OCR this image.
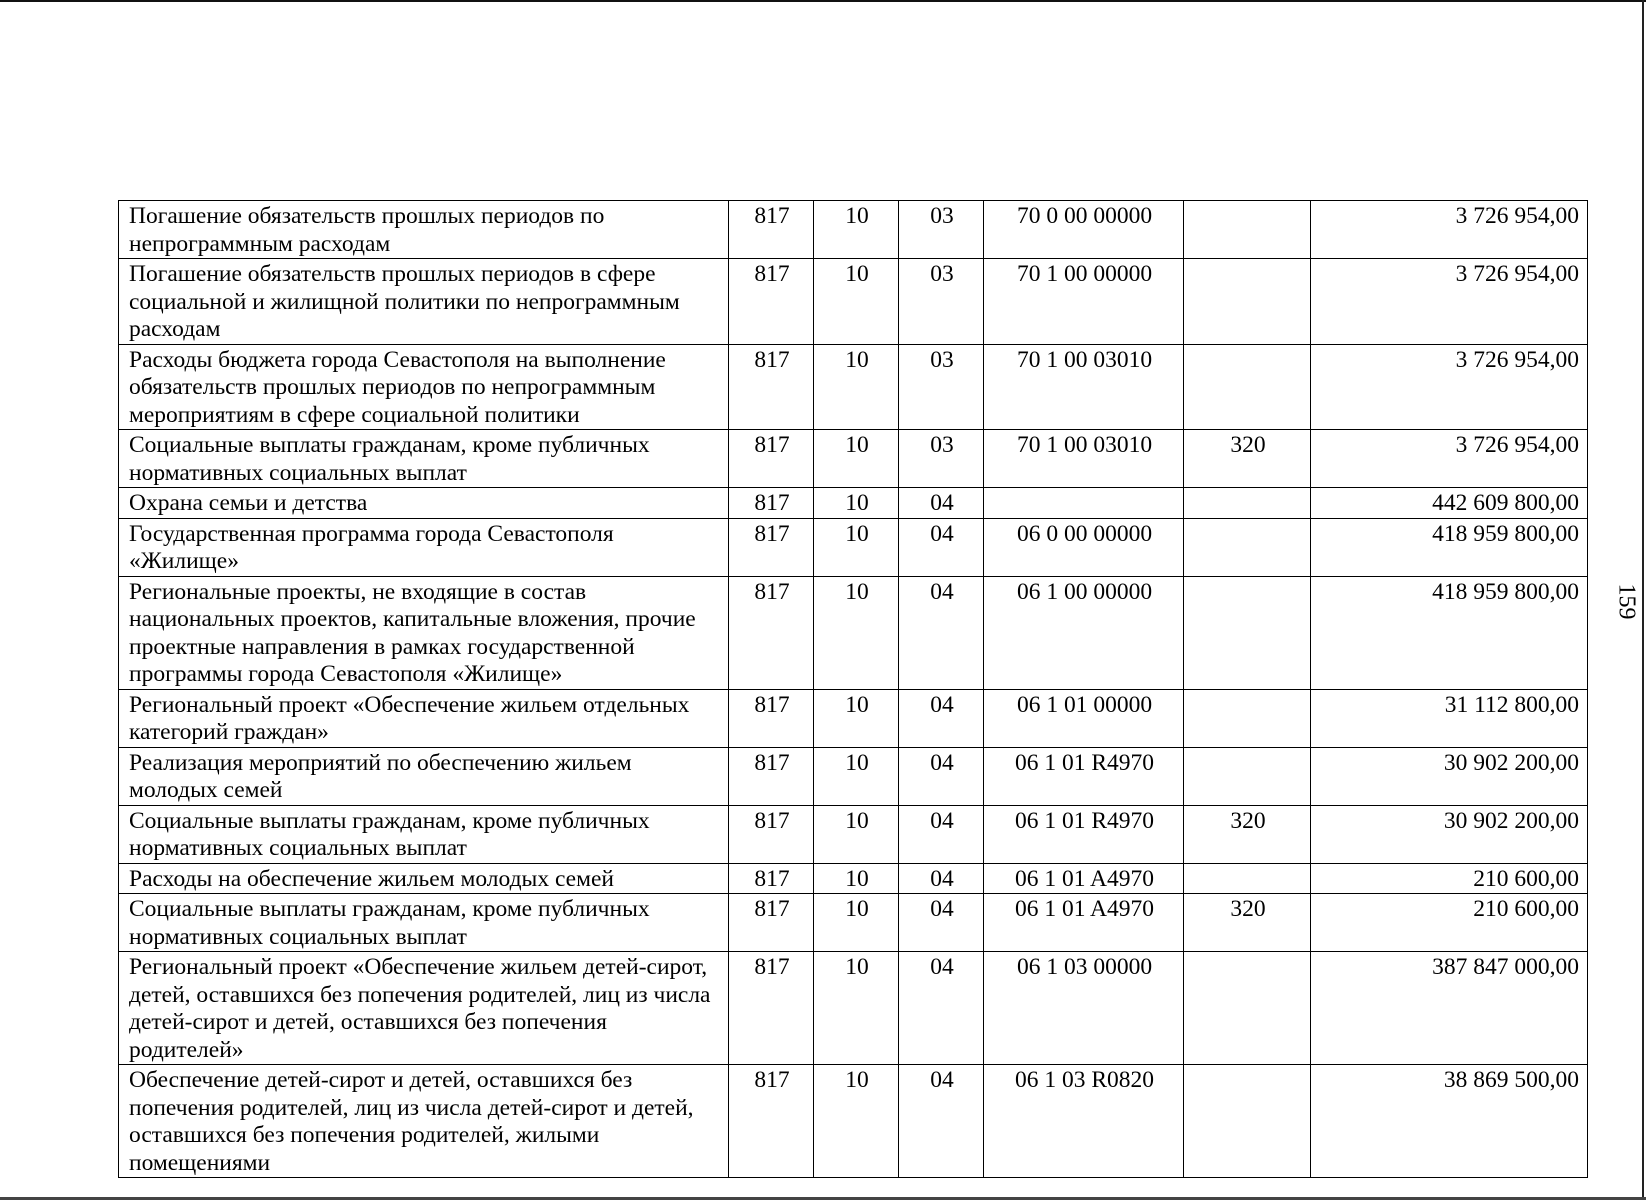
159
Погашение обязательств прошлых периодов по непрограммным расходам	817	10	03	70 0 00 00000		3 726 954,00
Погашение обязательств прошлых периодов в сфере социальной и жилищной политики по непрограммным расходам	817	10	03	70 1 00 00000		3 726 954,00
Расходы бюджета города Севастополя на выполнение обязательств прошлых периодов по непрограммным мероприятиям в сфере социальной политики	817	10	03	70 1 00 03010		3 726 954,00
Социальные выплаты гражданам, кроме публичных нормативных социальных выплат	817	10	03	70 1 00 03010	320	3 726 954,00
Охрана семьи и детства	817	10	04			442 609 800,00
Государственная программа города Севастополя «Жилище»	817	10	04	06 0 00 00000		418 959 800,00
Региональные проекты, не входящие в состав национальных проектов, капитальные вложения, прочие проектные направления в рамках государственной программы города Севастополя «Жилище»	817	10	04	06 1 00 00000		418 959 800,00
Региональный проект «Обеспечение жильем отдельных категорий граждан»	817	10	04	06 1 01 00000		31 112 800,00
Реализация мероприятий по обеспечению жильем молодых семей	817	10	04	06 1 01 R4970		30 902 200,00
Социальные выплаты гражданам, кроме публичных нормативных социальных выплат	817	10	04	06 1 01 R4970	320	30 902 200,00
Расходы на обеспечение жильем молодых семей	817	10	04	06 1 01 A4970		210 600,00
Социальные выплаты гражданам, кроме публичных нормативных социальных выплат	817	10	04	06 1 01 A4970	320	210 600,00
Региональный проект «Обеспечение жильем детей-сирот, детей, оставшихся без попечения родителей, лиц из числа детей-сирот и детей, оставшихся без попечения родителей»	817	10	04	06 1 03 00000		387 847 000,00
Обеспечение детей-сирот и детей, оставшихся без попечения родителей, лиц из числа детей-сирот и детей, оставшихся без попечения родителей, жилыми помещениями	817	10	04	06 1 03 R0820		38 869 500,00
